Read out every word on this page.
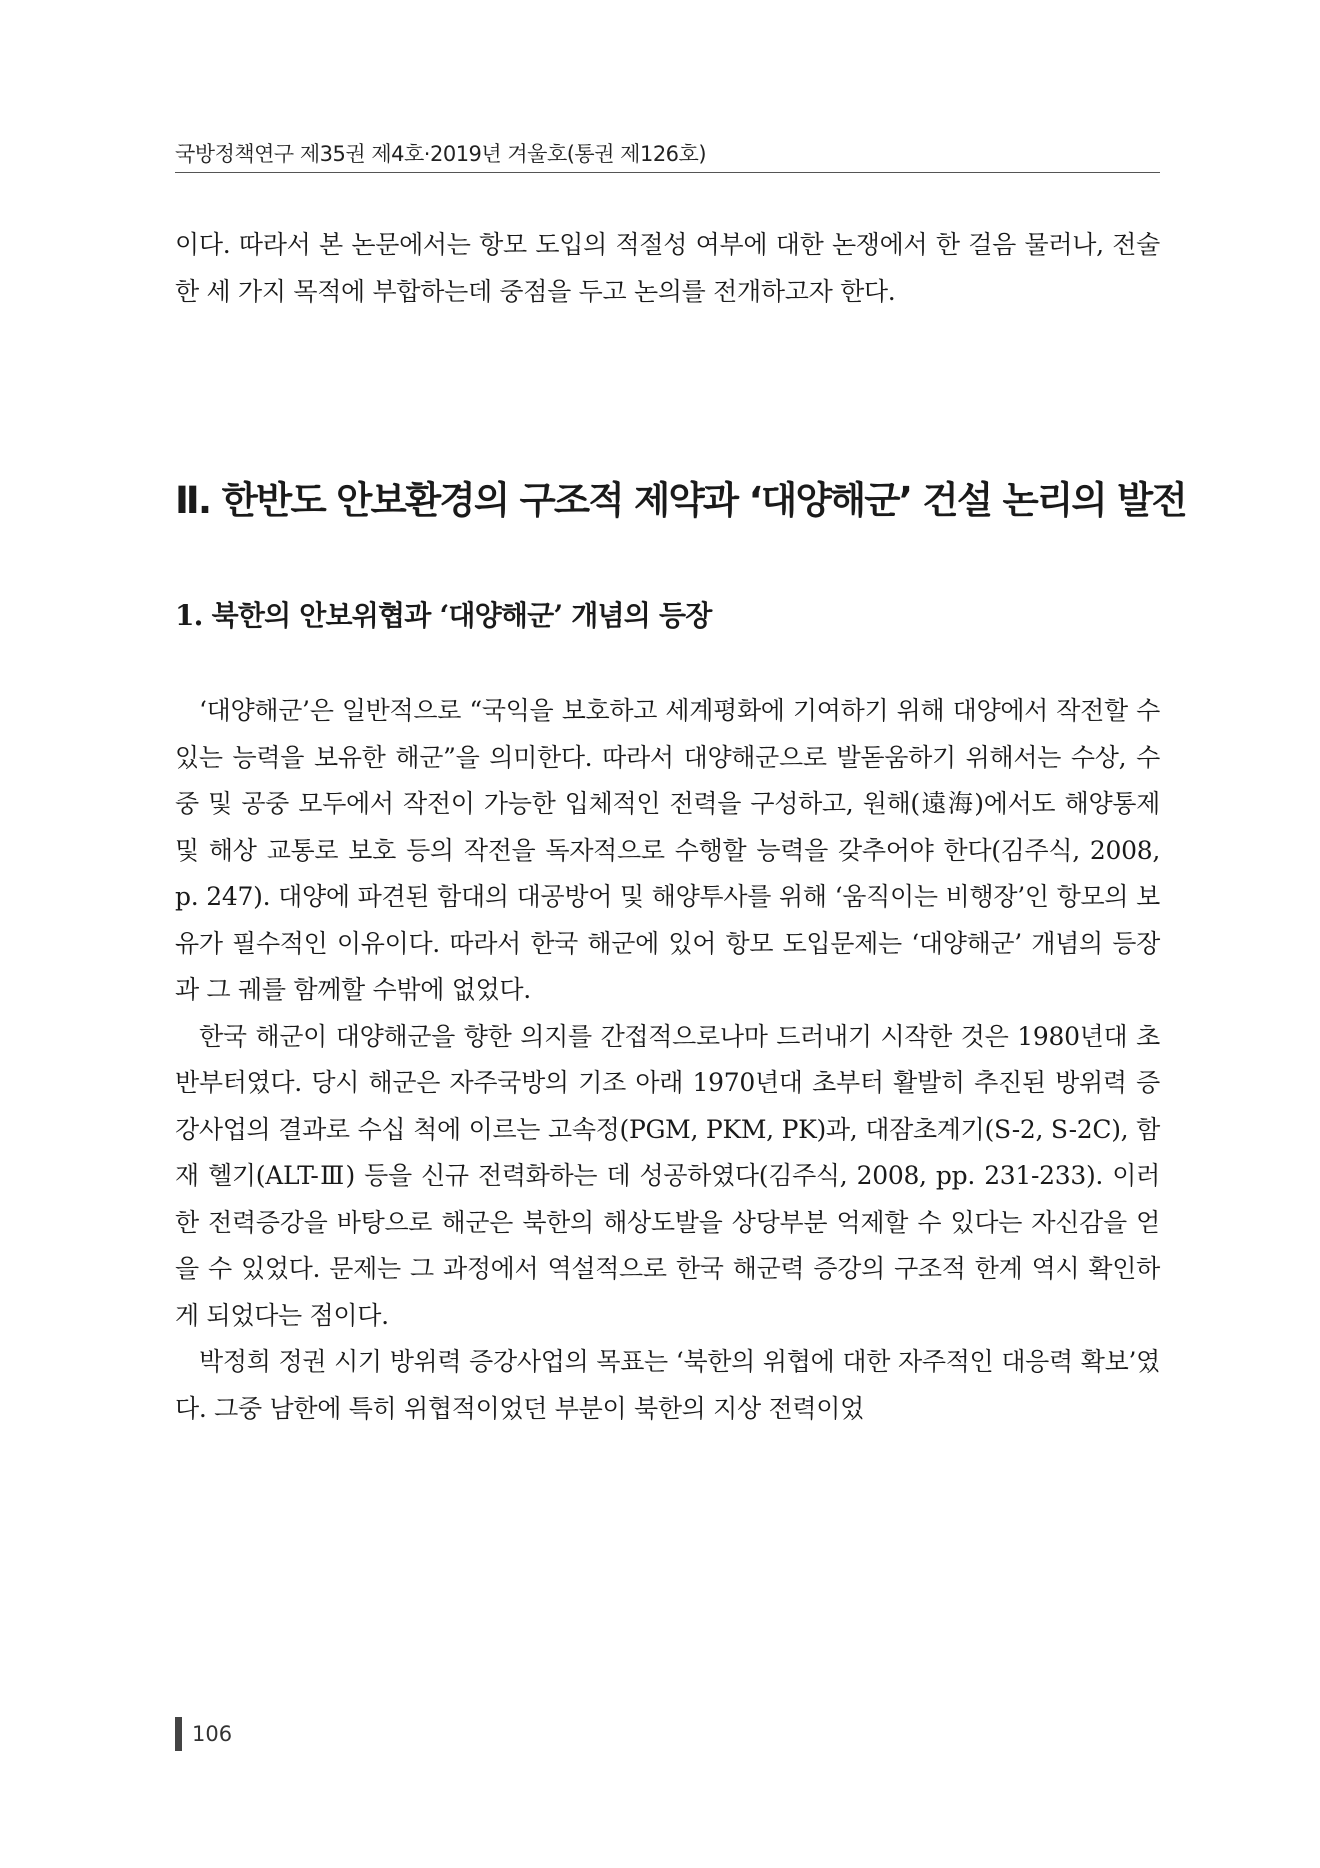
국방정책연구 제35권 제4호·2019년 겨울호(통권 제126호)

이다. 따라서 본 논문에서는 항모 도입의 적절성 여부에 대한 논쟁에서 한 걸음 물러나, 전술한 세 가지 목적에 부합하는데 중점을 두고 논의를 전개하고자 한다.

Ⅱ. 한반도 안보환경의 구조적 제약과 ‘대양해군’ 건설 논리의 발전
1. 북한의 안보위협과 ‘대양해군’ 개념의 등장

‘대양해군’은 일반적으로 “국익을 보호하고 세계평화에 기여하기 위해 대양에서 작전할 수 있는 능력을 보유한 해군”을 의미한다. 따라서 대양해군으로 발돋움하기 위해서는 수상, 수중 및 공중 모두에서 작전이 가능한 입체적인 전력을 구성하고, 원해(遠海)에서도 해양통제 및 해상 교통로 보호 등의 작전을 독자적으로 수행할 능력을 갖추어야 한다(김주식, 2008, p. 247). 대양에 파견된 함대의 대공방어 및 해양투사를 위해 ‘움직이는 비행장’인 항모의 보유가 필수적인 이유이다. 따라서 한국 해군에 있어 항모 도입문제는 ‘대양해군’ 개념의 등장과 그 궤를 함께할 수밖에 없었다.

한국 해군이 대양해군을 향한 의지를 간접적으로나마 드러내기 시작한 것은 1980년대 초반부터였다. 당시 해군은 자주국방의 기조 아래 1970년대 초부터 활발히 추진된 방위력 증강사업의 결과로 수십 척에 이르는 고속정(PGM, PKM, PK)과, 대잠초계기(S-2, S-2C), 함재 헬기(ALT-Ⅲ) 등을 신규 전력화하는 데 성공하였다(김주식, 2008, pp. 231-233). 이러한 전력증강을 바탕으로 해군은 북한의 해상도발을 상당부분 억제할 수 있다는 자신감을 얻을 수 있었다. 문제는 그 과정에서 역설적으로 한국 해군력 증강의 구조적 한계 역시 확인하게 되었다는 점이다.

박정희 정권 시기 방위력 증강사업의 목표는 ‘북한의 위협에 대한 자주적인 대응력 확보’였다. 그중 남한에 특히 위협적이었던 부분이 북한의 지상 전력이었

106
